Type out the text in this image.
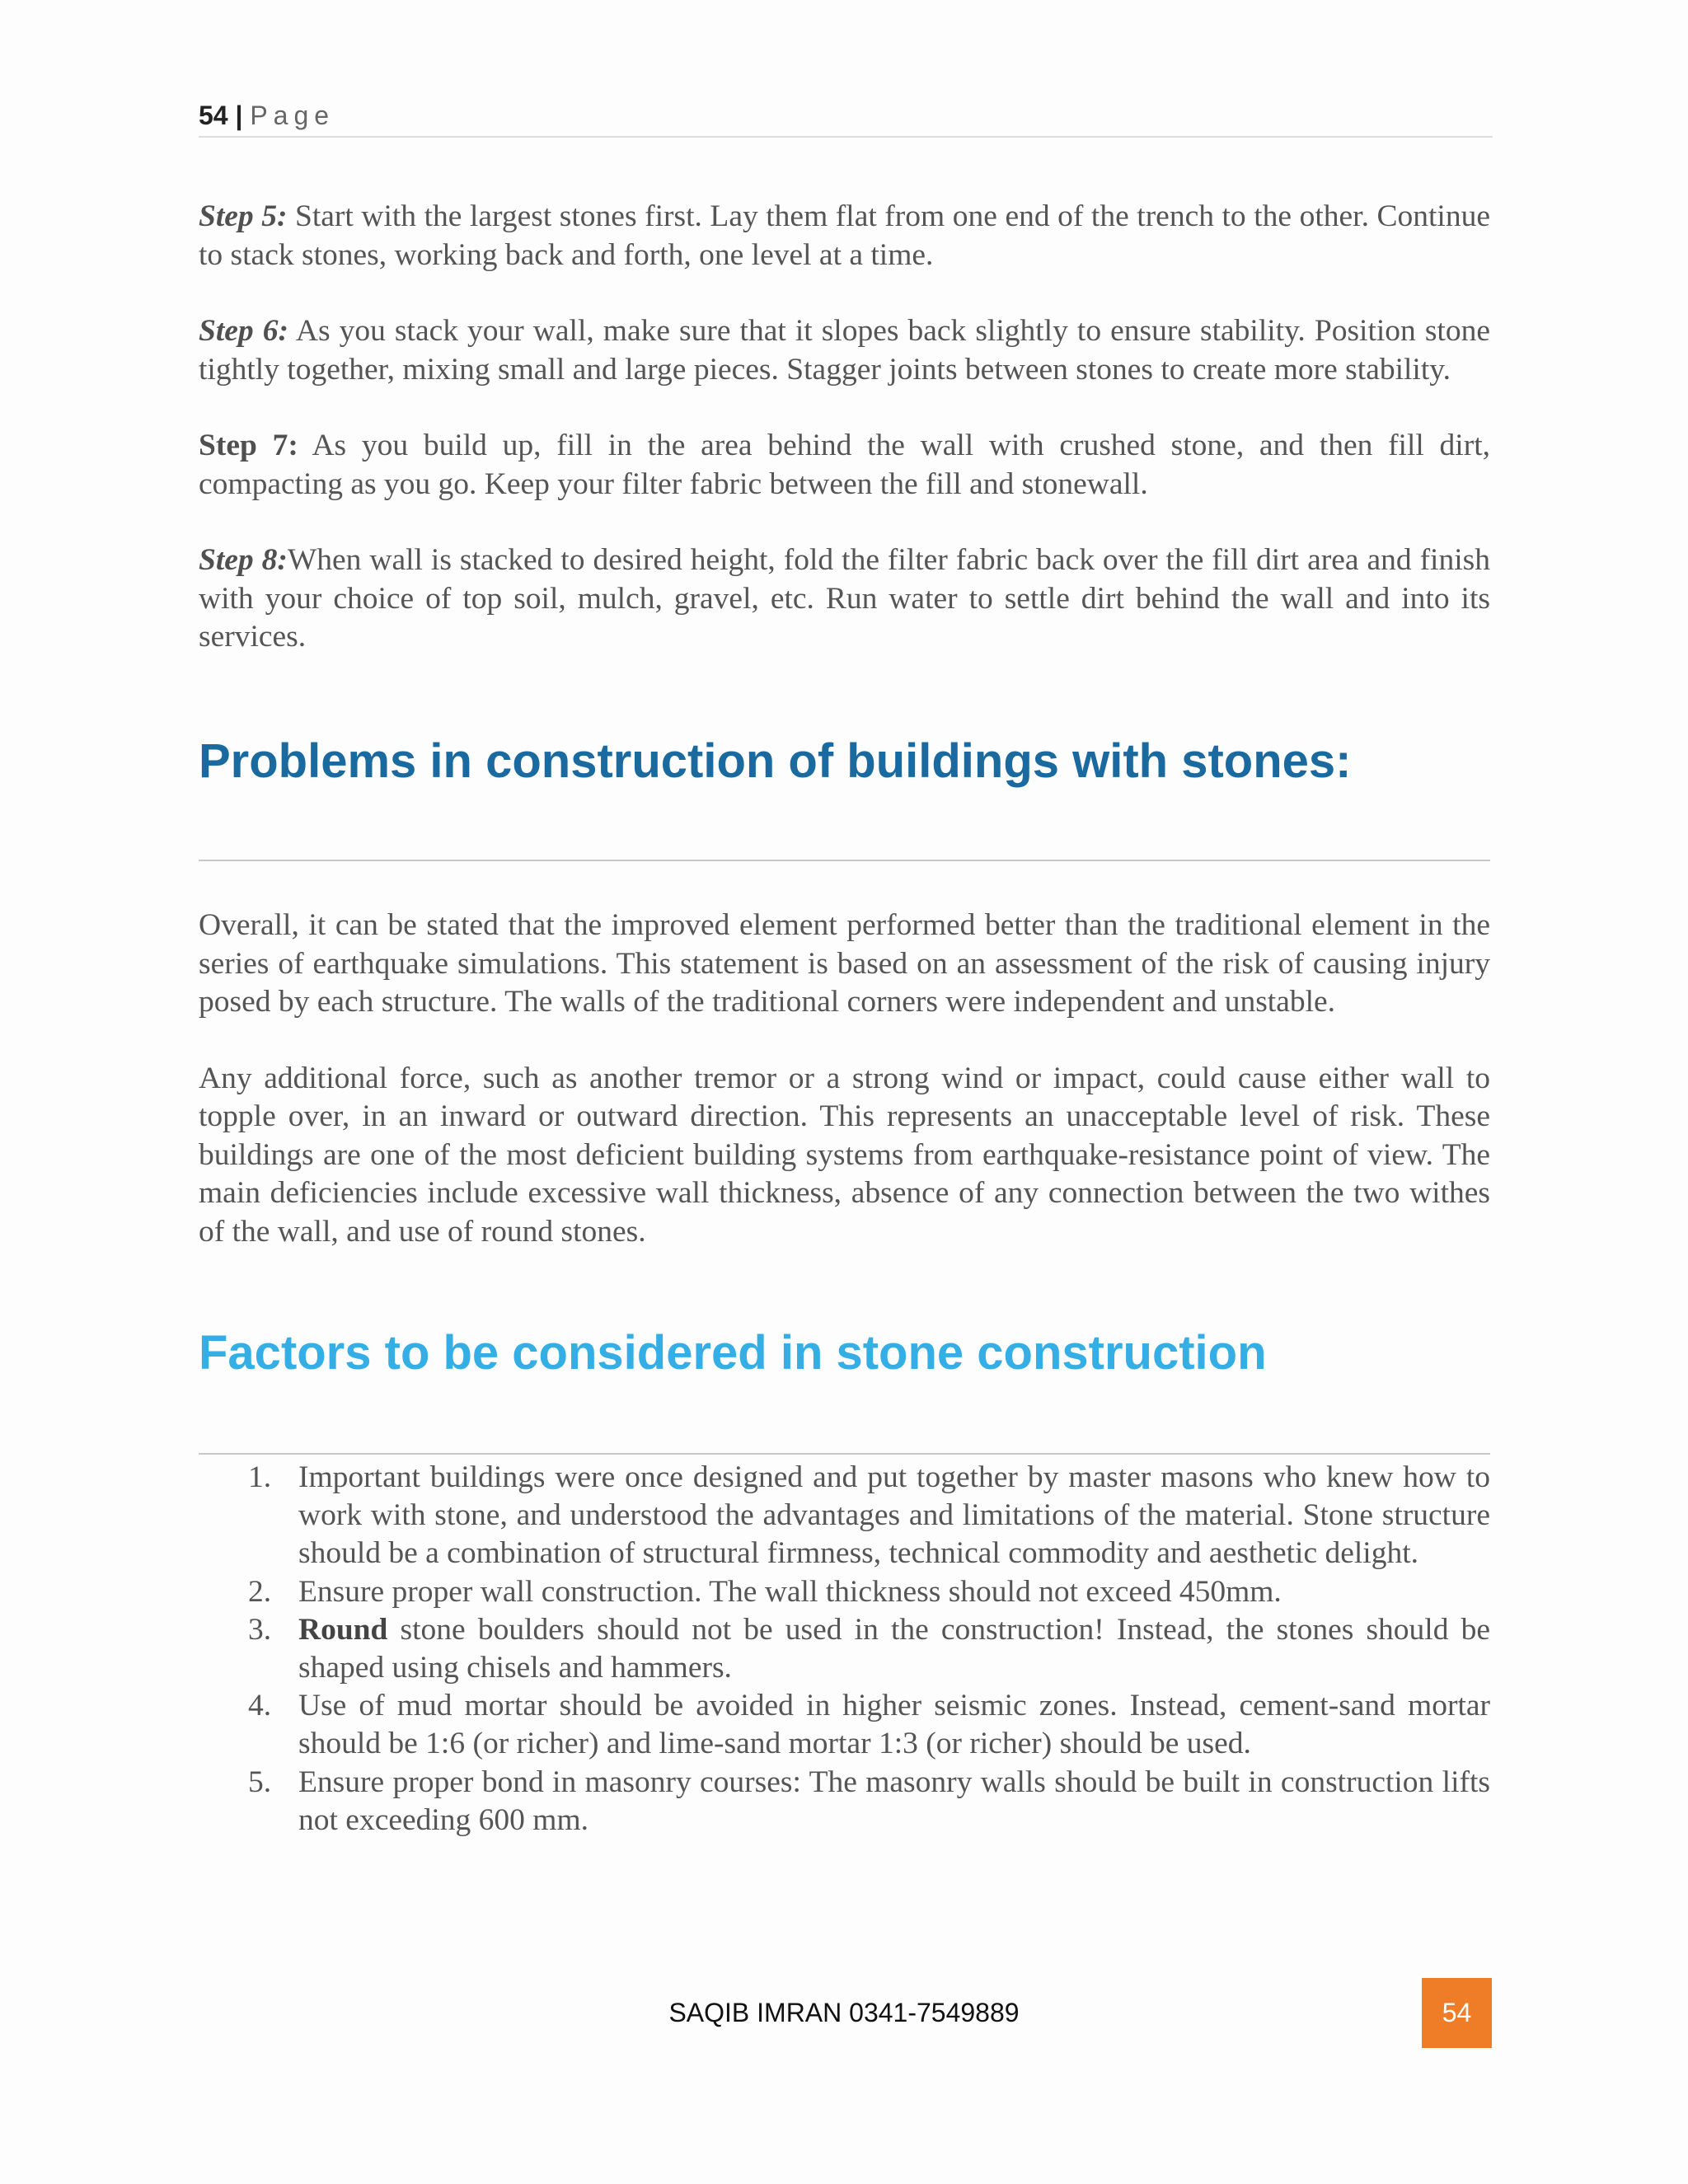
54 | Page

Step 5: Start with the largest stones first. Lay them flat from one end of the trench to the other. Continue to stack stones, working back and forth, one level at a time.

Step 6: As you stack your wall, make sure that it slopes back slightly to ensure stability. Position stone tightly together, mixing small and large pieces. Stagger joints between stones to create more stability.

Step 7: As you build up, fill in the area behind the wall with crushed stone, and then fill dirt, compacting as you go. Keep your filter fabric between the fill and stonewall.

Step 8:When wall is stacked to desired height, fold the filter fabric back over the fill dirt area and finish with your choice of top soil, mulch, gravel, etc. Run water to settle dirt behind the wall and into its services.

Problems in construction of buildings with stones:

Overall, it can be stated that the improved element performed better than the traditional element in the series of earthquake simulations. This statement is based on an assessment of the risk of causing injury posed by each structure. The walls of the traditional corners were independent and unstable.

Any additional force, such as another tremor or a strong wind or impact, could cause either wall to topple over, in an inward or outward direction. This represents an unacceptable level of risk. These buildings are one of the most deficient building systems from earthquake-resistance point of view. The main deficiencies include excessive wall thickness, absence of any connection between the two withes of the wall, and use of round stones.

Factors to be considered in stone construction
1. Important buildings were once designed and put together by master masons who knew how to work with stone, and understood the advantages and limitations of the material. Stone structure should be a combination of structural firmness, technical commodity and aesthetic delight.
2. Ensure proper wall construction. The wall thickness should not exceed 450mm.
3. Round stone boulders should not be used in the construction! Instead, the stones should be shaped using chisels and hammers.
4. Use of mud mortar should be avoided in higher seismic zones. Instead, cement-sand mortar should be 1:6 (or richer) and lime-sand mortar 1:3 (or richer) should be used.
5. Ensure proper bond in masonry courses: The masonry walls should be built in construction lifts not exceeding 600 mm.
SAQIB IMRAN 0341-7549889	54
